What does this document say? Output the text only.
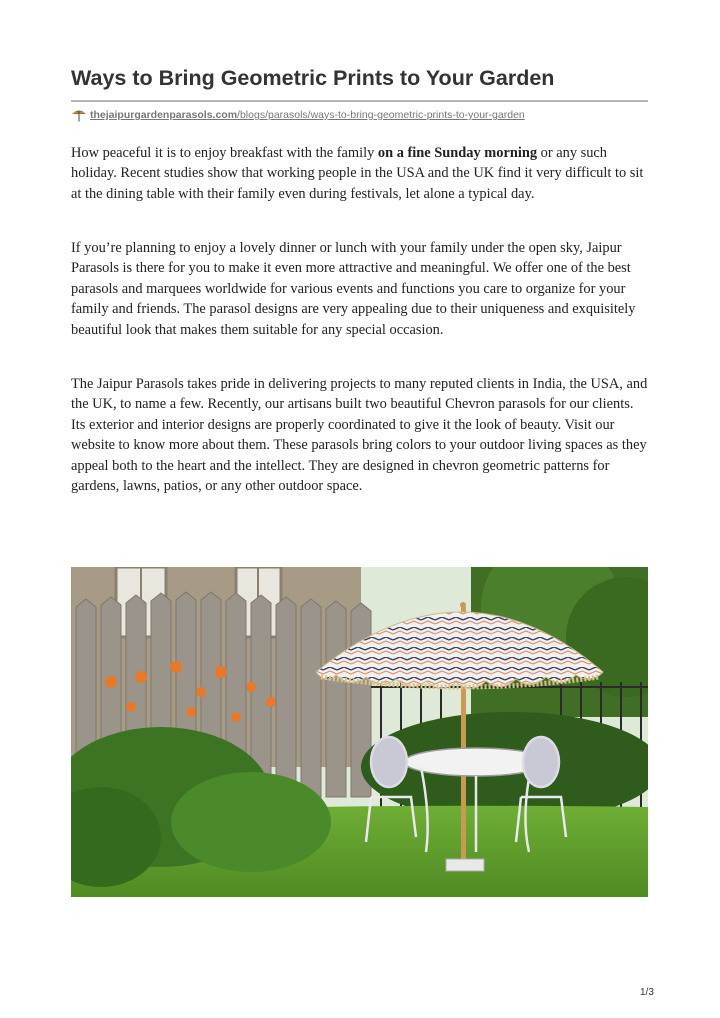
Ways to Bring Geometric Prints to Your Garden
thejaipurgardenparasols.com/blogs/parasols/ways-to-bring-geometric-prints-to-your-garden

How peaceful it is to enjoy breakfast with the family on a fine Sunday morning or any such holiday. Recent studies show that working people in the USA and the UK find it very difficult to sit at the dining table with their family even during festivals, let alone a typical day.

If you’re planning to enjoy a lovely dinner or lunch with your family under the open sky, Jaipur Parasols is there for you to make it even more attractive and meaningful. We offer one of the best parasols and marquees worldwide for various events and functions you care to organize for your family and friends. The parasol designs are very appealing due to their uniqueness and exquisitely beautiful look that makes them suitable for any special occasion.

The Jaipur Parasols takes pride in delivering projects to many reputed clients in India, the USA, and the UK, to name a few. Recently, our artisans built two beautiful Chevron parasols for our clients. Its exterior and interior designs are properly coordinated to give it the look of beauty. Visit our website to know more about them. These parasols bring colors to your outdoor living spaces as they appeal both to the heart and the intellect. They are designed in chevron geometric patterns for gardens, lawns, patios, or any other outdoor space.

1/3
